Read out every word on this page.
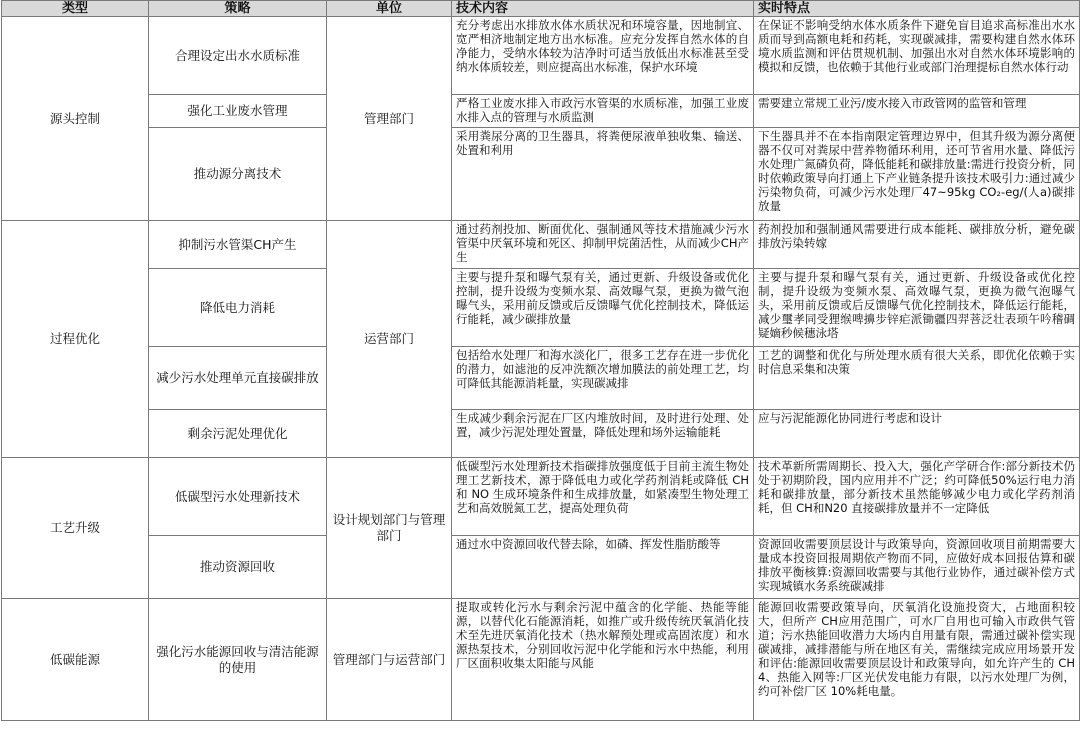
类型	策略	单位	技术内容	实时特点
源头控制	合理设定出水水质标准	管理部门	充分考虑出水排放水体水质状况和环境容量，因地制宜、宽严相济地制定地方出水标准。应充分发挥自然水体的自净能力，受纳水体较为洁净时可适当放低出水标准甚至受纳水体质较差，则应提高出水标准，保护水环境	在保证不影响受纳水体水质条件下避免盲目追求高标准出水水质而导到高额电耗和药耗，实现碳减排，需要构建自然水体环境水质监测和评估贯规机制、加强出水对自然水体环境影响的模拟和反馈，也依赖于其他行业或部门治理提标自然水体行动
	强化工业废水管理		严格工业废水排入市政污水管渠的水质标准，加强工业废水排入点的管理与水质监测	需要建立常规工业污/废水接入市政管网的监管和管理
	推动源分离技术		采用粪尿分离的卫生器具，将粪便尿液单独收集、输送、处置和利用	下生器具并不在本指南限定管理边界中，但其升级为源分离便器不仅可对粪尿中营养物循环利用，还可节省用水量、降低污水处理广氮磷负荷，降低能耗和碳排放量:需进行投资分析，同时依赖政策导向打通上下产业链条提升该技术吸引力:通过减少污染物负荷，可减少污水处理厂47~95kg CO₂-eg/(人a)碳排放量
过程优化	抑制污水管渠CH产生	运营部门	通过药剂投加、断面优化、强制通风等技术措施减少污水管渠中厌氧环境和死区、抑制甲烷菌活性，从而减少CH产生	药剂投加和强制通风需要进行成本能耗、碳排放分析，避免碳排放污染转嫁
	降低电力消耗		主要与提升泵和曝气泵有关，通过更新、升级设备或优化控制，提升设级为变频水泵、高效曝气泵，更换为微气泡曝气头，采用前反馈或后反馈曝气优化控制技术，降低运行能耗，减少碳排放量	主要与提升泵和曝气泵有关，通过更新、升级设备或优化控制，提升设级为变频水泵、高效曝气泵，更换为微气泡曝气头，采用前反馈或后反馈曝气优化控制技术，降低运行能耗，减少璽孝同受狸缑啤擤步锌疟派锄疆四羿菩泛壮表顼午吟稽碉疑嫡秒候穗泳塔
	减少污水处理单元直接碳排放		包括给水处理厂和海水淡化厂，很多工艺存在进一步优化的潜力，如滤池的反冲洗额次增加膜法的前处理工艺，均可降低其能源消耗量，实现碳减排	工艺的调整和优化与所处理水质有很大关系，即优化依赖于实时信息采集和决策
	剩余污泥处理优化		生成减少剩余污泥在厂区内堆放时间，及时进行处理、处置，减少污泥处理处置量，降低处理和场外运输能耗	应与污泥能源化协同进行考虑和设计
工艺升级	低碳型污水处理新技术	设计规划部门与管理部门	低碳型污水处理新技术指碳排放强度低于目前主流生物处理工艺新技术，源于降低电力或化学药剂消耗或降低 CH 和 NO 生成环境条件和生成排放量，如紧凑型生物处理工艺和高效脱氮工艺，提高处理负荷	技术革新所需周期长、投入大，强化产学研合作:部分新技术仍处于初期阶段，国内应用并不广泛；约可降低50%运行电力消耗和碳排放量，部分新技术虽然能够减少电力或化学药剂消耗，但 CH和N20 直接碳排放量并不一定降低
	推动资源回收		通过水中资源回收代替去除，如磷、挥发性脂肪酸等	资源回收需要顶层设计与政策导向，资源回收项目前期需要大量成本投资回报周期依产物而不同，应做好成本回报估算和碳排放平衡核算:资源回收需要与其他行业协作，通过碳补偿方式实现城镇水务系统碳减排
低碳能源	强化污水能源回收与清洁能源的使用	管理部门与运营部门	提取或转化污水与剩余污泥中蕴含的化学能、热能等能源，以替代化石能源消耗，如推广或升级传统厌氧消化技术至先进厌氧消化技术（热水解预处理或高固浓度）和水源热泵技术，分别回收污泥中化学能和污水中热能，利用厂区面积收集太阳能与风能	能源回收需要政策导向，厌氧消化设施投资大，占地面积较大，但所产 CH应用范围广，可水厂自用也可输入市政供气管道；污水热能回收潜力大场内自用量有限，需通过碳补偿实现碳减排，减排潜能与所在地区有关，需继续完成应用场景开发和评估:能源回收需要顶层设计和政策导向，如允许产生的 CH4、热能入网等:厂区光伏发电能力有限，以污水处理厂为例，约可补偿厂区 10%耗电量。
